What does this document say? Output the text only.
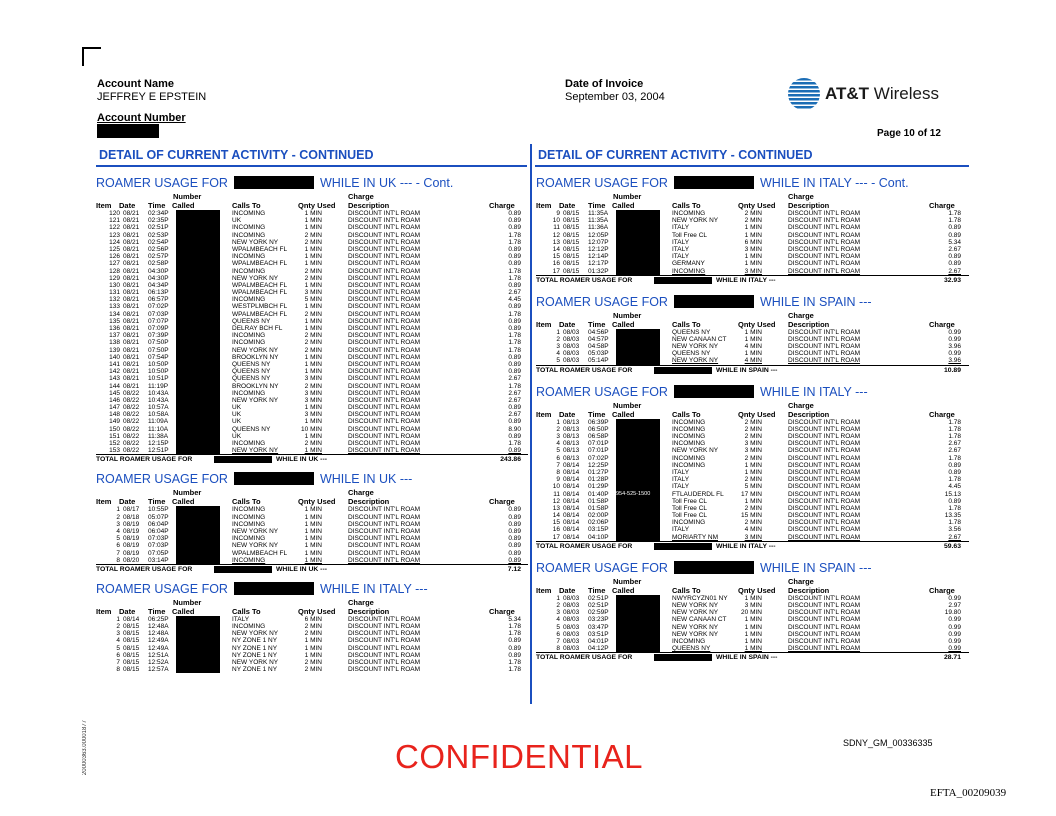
Account Name
JEFFREY E EPSTEIN
Account Number
Date of Invoice
September 03, 2004	AT&T Wireless
Page 10 of 12
DETAIL OF CURRENT ACTIVITY - CONTINUED	DETAIL OF CURRENT ACTIVITY - CONTINUED
ROAMER USAGE FOR	WHILE IN UK --- - Cont.
Number	Charge
Item Date Time Called	Calls To	Qnty Used Description	Charge
120 08/21 02:34P	INCOMING	1 MIN	DISCOUNT INT'L ROAM	0.89
121 08/21 02:35P	UK	1 MIN	DISCOUNT INT'L ROAM	0.89
122 08/21 02:51P	INCOMING	1 MIN	DISCOUNT INT'L ROAM	0.89
123 08/21 02:53P	INCOMING	2 MIN	DISCOUNT INT'L ROAM	1.78
124 08/21 02:54P	NEW YORK NY	2 MIN	DISCOUNT INT'L ROAM	1.78
125 08/21 02:56P	WPALMBEACH FL	1 MIN	DISCOUNT INT'L ROAM	0.89
126 08/21 02:57P	INCOMING	1 MIN	DISCOUNT INT'L ROAM	0.89
127 08/21 02:58P	WPALMBEACH FL	1 MIN	DISCOUNT INT'L ROAM	0.89
128 08/21 04:30P	INCOMING	2 MIN	DISCOUNT INT'L ROAM	1.78
129 08/21 04:30P	NEW YORK NY	2 MIN	DISCOUNT INT'L ROAM	1.78
130 08/21 04:34P	WPALMBEACH FL	1 MIN	DISCOUNT INT'L ROAM	0.89
131 08/21 06:13P	WPALMBEACH FL	3 MIN	DISCOUNT INT'L ROAM	2.67
132 08/21 06:57P	INCOMING	5 MIN	DISCOUNT INT'L ROAM	4.45
133 08/21 07:02P	WESTPLMBCH FL	1 MIN	DISCOUNT INT'L ROAM	0.89
134 08/21 07:03P	WPALMBEACH FL	2 MIN	DISCOUNT INT'L ROAM	1.78
135 08/21 07:07P	QUEENS NY	1 MIN	DISCOUNT INT'L ROAM	0.89
136 08/21 07:09P	DELRAY BCH FL	1 MIN	DISCOUNT INT'L ROAM	0.89
137 08/21 07:39P	INCOMING	2 MIN	DISCOUNT INT'L ROAM	1.78
138 08/21 07:50P	INCOMING	2 MIN	DISCOUNT INT'L ROAM	1.78
139 08/21 07:50P	NEW YORK NY	2 MIN	DISCOUNT INT'L ROAM	1.78
140 08/21 07:54P	BROOKLYN NY	1 MIN	DISCOUNT INT'L ROAM	0.89
141 08/21 10:50P	QUEENS NY	1 MIN	DISCOUNT INT'L ROAM	0.89
142 08/21 10:50P	QUEENS NY	1 MIN	DISCOUNT INT'L ROAM	0.89
143 08/21 10:51P	QUEENS NY	3 MIN	DISCOUNT INT'L ROAM	2.67
144 08/21 11:19P	BROOKLYN NY	2 MIN	DISCOUNT INT'L ROAM	1.78
145 08/22 10:43A	INCOMING	3 MIN	DISCOUNT INT'L ROAM	2.67
146 08/22 10:43A	NEW YORK NY	3 MIN	DISCOUNT INT'L ROAM	2.67
147 08/22 10:57A	UK	1 MIN	DISCOUNT INT'L ROAM	0.89
148 08/22 10:58A	UK	3 MIN	DISCOUNT INT'L ROAM	2.67
149 08/22 11:09A	UK	1 MIN	DISCOUNT INT'L ROAM	0.89
150 08/22 11:10A	QUEENS NY	10 MIN	DISCOUNT INT'L ROAM	8.90
151 08/22 11:38A	UK	1 MIN	DISCOUNT INT'L ROAM	0.89
152 08/22 12:15P	INCOMING	2 MIN	DISCOUNT INT'L ROAM	1.78
153 08/22 12:51P	NEW YORK NY	1 MIN	DISCOUNT INT'L ROAM	0.89
TOTAL ROAMER USAGE FOR	WHILE IN UK ---	243.86
ROAMER USAGE FOR	WHILE IN UK ---
Number	Charge
Item Date Time Called	Calls To	Qnty Used Description	Charge
1 08/17 10:55P	INCOMING	1 MIN	DISCOUNT INT'L ROAM	0.89
2 08/18 05:07P	INCOMING	1 MIN	DISCOUNT INT'L ROAM	0.89
3 08/19 06:04P	INCOMING	1 MIN	DISCOUNT INT'L ROAM	0.89
4 08/19 06:04P	NEW YORK NY	1 MIN	DISCOUNT INT'L ROAM	0.89
5 08/19 07:03P	INCOMING	1 MIN	DISCOUNT INT'L ROAM	0.89
6 08/19 07:03P	NEW YORK NY	1 MIN	DISCOUNT INT'L ROAM	0.89
7 08/19 07:05P	WPALMBEACH FL	1 MIN	DISCOUNT INT'L ROAM	0.89
8 08/20 03:14P	INCOMING	1 MIN	DISCOUNT INT'L ROAM	0.89
TOTAL ROAMER USAGE FOR	WHILE IN UK ---	7.12
ROAMER USAGE FOR	WHILE IN ITALY ---
Number	Charge
Item Date Time Called	Calls To	Qnty Used Description	Charge
1 08/14 06:25P	ITALY	6 MIN	DISCOUNT INT'L ROAM	5.34
2 08/15 12:48A	INCOMING	2 MIN	DISCOUNT INT'L ROAM	1.78
3 08/15 12:48A	NEW YORK NY	2 MIN	DISCOUNT INT'L ROAM	1.78
4 08/15 12:49A	NY ZONE 1 NY	1 MIN	DISCOUNT INT'L ROAM	0.89
5 08/15 12:49A	NY ZONE 1 NY	1 MIN	DISCOUNT INT'L ROAM	0.89
6 08/15 12:51A	NY ZONE 1 NY	1 MIN	DISCOUNT INT'L ROAM	0.89
7 08/15 12:52A	NEW YORK NY	2 MIN	DISCOUNT INT'L ROAM	1.78
8 08/15 12:57A	NY ZONE 1 NY	2 MIN	DISCOUNT INT'L ROAM	1.78
ROAMER USAGE FOR	WHILE IN ITALY --- - Cont.
Number	Charge
Item Date Time Called	Calls To	Qnty Used Description	Charge
9 08/15 11:35A	INCOMING	2 MIN	DISCOUNT INT'L ROAM	1.78
10 08/15 11:35A	NEW YORK NY	2 MIN	DISCOUNT INT'L ROAM	1.78
11 08/15 11:36A	ITALY	1 MIN	DISCOUNT INT'L ROAM	0.89
12 08/15 12:05P	Toll Free CL	1 MIN	DISCOUNT INT'L ROAM	0.89
13 08/15 12:07P	ITALY	6 MIN	DISCOUNT INT'L ROAM	5.34
14 08/15 12:12P	ITALY	3 MIN	DISCOUNT INT'L ROAM	2.67
15 08/15 12:14P	ITALY	1 MIN	DISCOUNT INT'L ROAM	0.89
16 08/15 12:17P	GERMANY	1 MIN	DISCOUNT INT'L ROAM	0.89
17 08/15 01:32P	INCOMING	3 MIN	DISCOUNT INT'L ROAM	2.67
TOTAL ROAMER USAGE FOR	WHILE IN ITALY ---	32.93
ROAMER USAGE FOR	WHILE IN SPAIN ---
Number	Charge
Item Date Time Called	Calls To	Qnty Used Description	Charge
1 08/03 04:56P	QUEENS NY	1 MIN	DISCOUNT INT'L ROAM	0.99
2 08/03 04:57P	NEW CANAAN CT	1 MIN	DISCOUNT INT'L ROAM	0.99
3 08/03 04:58P	NEW YORK NY	4 MIN	DISCOUNT INT'L ROAM	3.96
4 08/03 05:03P	QUEENS NY	1 MIN	DISCOUNT INT'L ROAM	0.99
5 08/03 05:14P	NEW YORK NY	4 MIN	DISCOUNT INT'L ROAM	3.96
TOTAL ROAMER USAGE FOR	WHILE IN SPAIN ---	10.89
ROAMER USAGE FOR	WHILE IN ITALY ---
Number	Charge
Item Date Time Called	Calls To	Qnty Used Description	Charge
1 08/13 06:39P	INCOMING	2 MIN	DISCOUNT INT'L ROAM	1.78
2 08/13 06:50P	INCOMING	2 MIN	DISCOUNT INT'L ROAM	1.78
3 08/13 06:58P	INCOMING	2 MIN	DISCOUNT INT'L ROAM	1.78
4 08/13 07:01P	INCOMING	3 MIN	DISCOUNT INT'L ROAM	2.67
5 08/13 07:01P	NEW YORK NY	3 MIN	DISCOUNT INT'L ROAM	2.67
6 08/13 07:02P	INCOMING	2 MIN	DISCOUNT INT'L ROAM	1.78
7 08/14 12:25P	INCOMING	1 MIN	DISCOUNT INT'L ROAM	0.89
8 08/14 01:27P	ITALY	1 MIN	DISCOUNT INT'L ROAM	0.89
9 08/14 01:28P	ITALY	2 MIN	DISCOUNT INT'L ROAM	1.78
10 08/14 01:29P	ITALY	5 MIN	DISCOUNT INT'L ROAM	4.45
11 08/14 01:40P 954-525-1500	FTLAUDERDL FL	17 MIN	DISCOUNT INT'L ROAM	15.13
12 08/14 01:58P	Toll Free CL	1 MIN	DISCOUNT INT'L ROAM	0.89
13 08/14 01:58P	Toll Free CL	2 MIN	DISCOUNT INT'L ROAM	1.78
14 08/14 02:00P	Toll Free CL	15 MIN	DISCOUNT INT'L ROAM	13.35
15 08/14 02:06P	INCOMING	2 MIN	DISCOUNT INT'L ROAM	1.78
16 08/14 03:15P	ITALY	4 MIN	DISCOUNT INT'L ROAM	3.56
17 08/14 04:10P	MORIARTY NM	3 MIN	DISCOUNT INT'L ROAM	2.67
TOTAL ROAMER USAGE FOR	WHILE IN ITALY ---	59.63
ROAMER USAGE FOR	WHILE IN SPAIN ---
Number	Charge
Item Date Time Called	Calls To	Qnty Used Description	Charge
1 08/03 02:51P	NWYRCYZN01 NY	1 MIN	DISCOUNT INT'L ROAM	0.99
2 08/03 02:51P	NEW YORK NY	3 MIN	DISCOUNT INT'L ROAM	2.97
3 08/03 02:59P	NEW YORK NY	20 MIN	DISCOUNT INT'L ROAM	19.80
4 08/03 03:23P	NEW CANAAN CT	1 MIN	DISCOUNT INT'L ROAM	0.99
5 08/03 03:47P	NEW YORK NY	1 MIN	DISCOUNT INT'L ROAM	0.99
6 08/03 03:51P	NEW YORK NY	1 MIN	DISCOUNT INT'L ROAM	0.99
7 08/03 04:01P	INCOMING	1 MIN	DISCOUNT INT'L ROAM	0.99
8 08/03 04:12P	QUEENS NY	1 MIN	DISCOUNT INT'L ROAM	0.99
TOTAL ROAMER USAGE FOR	WHILE IN SPAIN ---	28.71
20000363.00001877	CONFIDENTIAL	SDNY_GM_00336335
EFTA_00209039
